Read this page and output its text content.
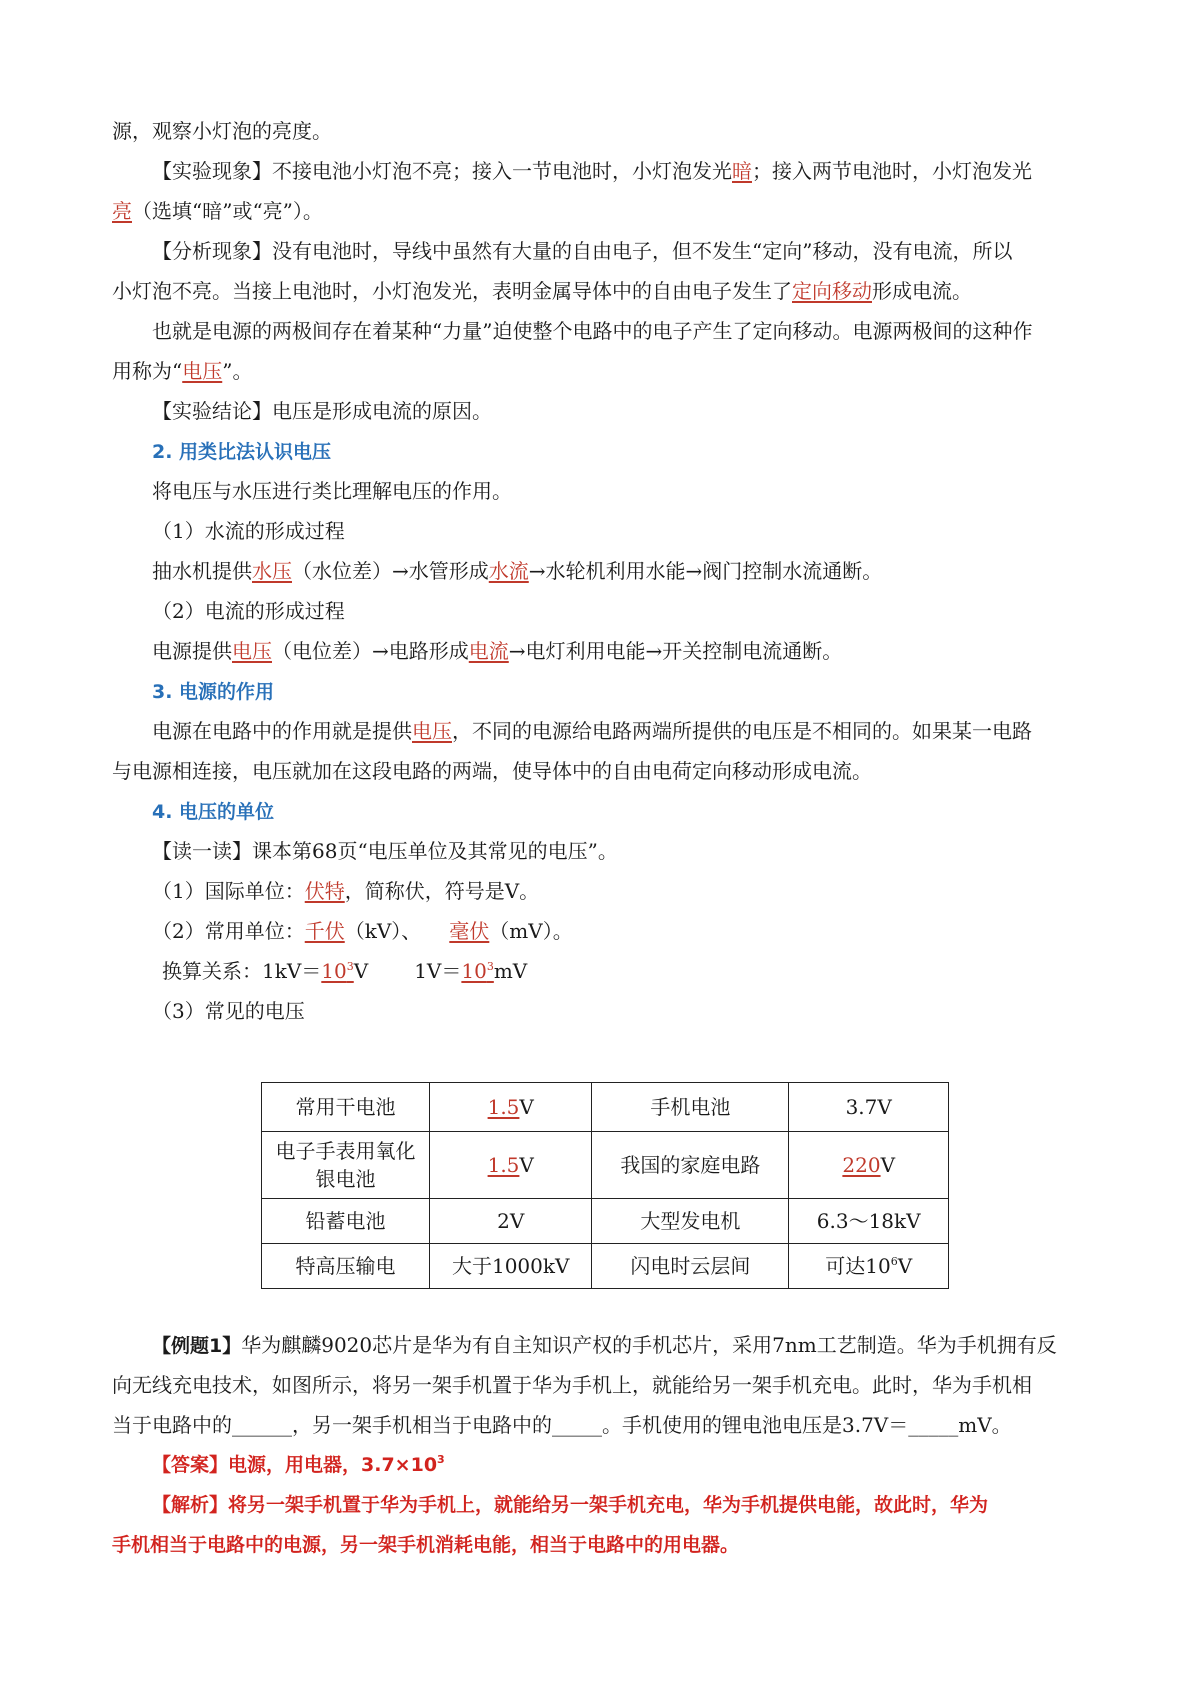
源，观察小灯泡的亮度。
【实验现象】不接电池小灯泡不亮；接入一节电池时，小灯泡发光暗；接入两节电池时，小灯泡发光
亮（选填“暗”或“亮”）。
【分析现象】没有电池时，导线中虽然有大量的自由电子，但不发生“定向”移动，没有电流，所以
小灯泡不亮。当接上电池时，小灯泡发光，表明金属导体中的自由电子发生了定向移动形成电流。
也就是电源的两极间存在着某种“力量”迫使整个电路中的电子产生了定向移动。电源两极间的这种作
用称为“电压”。
【实验结论】电压是形成电流的原因。
2. 用类比法认识电压
将电压与水压进行类比理解电压的作用。
（1）水流的形成过程
抽水机提供水压（水位差）→水管形成水流→水轮机利用水能→阀门控制水流通断。
（2）电流的形成过程
电源提供电压（电位差）→电路形成电流→电灯利用电能→开关控制电流通断。
3. 电源的作用
电源在电路中的作用就是提供电压，不同的电源给电路两端所提供的电压是不相同的。如果某一电路
与电源相连接，电压就加在这段电路的两端，使导体中的自由电荷定向移动形成电流。
4. 电压的单位
【读一读】课本第68页“电压单位及其常见的电压”。
（1）国际单位：伏特，简称伏，符号是V。
（2）常用单位：千伏（kV）、 毫伏（mV）。
换算关系：$1kV=10^3V$ $1V=10^3mV$
（3）常见的电压
常用干电池	1.5V	手机电池	3.7V
电子手表用氧化
银电池	1.5V	我国的家庭电路	220V
铅蓄电池	2V	大型发电机	6.3～18kV
特高压输电	大于1000kV	闪电时云层间	可达$10^6V$
【例题1】华为麒麟9020芯片是华为有自主知识产权的手机芯片，采用7nm工艺制造。华为手机拥有反
向无线充电技术，如图所示，将另一架手机置于华为手机上，就能给另一架手机充电。此时，华为手机相
当于电路中的______，另一架手机相当于电路中的_____。手机使用的锂电池电压是3.7V＝_____mV。
【答案】电源，用电器，$3.7\times 10^3$
【解析】将另一架手机置于华为手机上，就能给另一架手机充电，华为手机提供电能，故此时，华为
手机相当于电路中的电源，另一架手机消耗电能，相当于电路中的用电器。
